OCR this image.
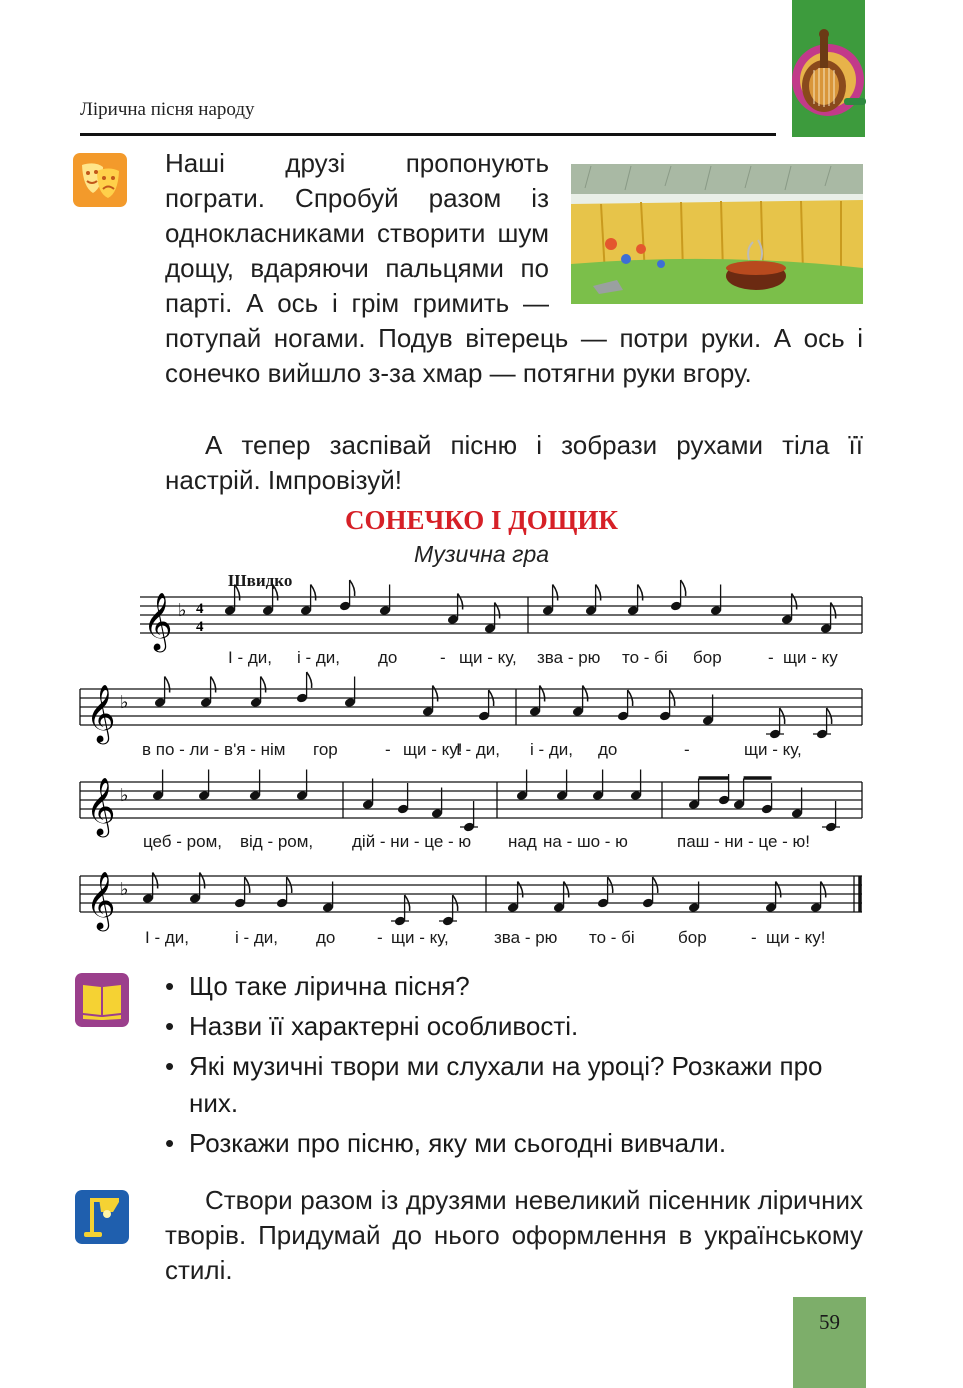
Лірична пісня народу
Наші друзі пропонують пограти. Спробуй разом із однокласниками створити шум дощу, вдаряючи пальцями по парті. А ось і грім гримить — потупай ногами. Подув вітерець — потри руки. А ось і сонечко вийшло з-за хмар — потягни руки вгору.
А тепер заспівай пісню і зобрази рухами тіла її настрій. Імпровізуй!
СОНЕЧКО І ДОЩИК
Музична гра
Швидко
𝄞 ♭ 4
4
𝄞 ♭
𝄞 ♭
𝄞 ♭
І - ди, і - ди, до	- щи - ку, зва - рю то - бі бор	- щи - ку
в по - ли - в'я - нім гор	- щи - ку!
І - ди, і - ди, до	-	щи - ку,
цеб - ром, від - ром, дій - ни - це - ю над на - шо - ю	паш - ни - це - ю!
І - ди,	і - ди, до - щи - ку,	зва - рю то - бі	бор	- щи - ку!
• Що таке лірична пісня?
• Назви її характерні особливості.
• Які музичні твори ми слухали на уроці? Розкажи про них.
• Розкажи про пісню, яку ми сьогодні вивчали.
Створи разом із друзями невеликий пісенник ліричних творів. Придумай до нього оформлення в українському стилі.
59
